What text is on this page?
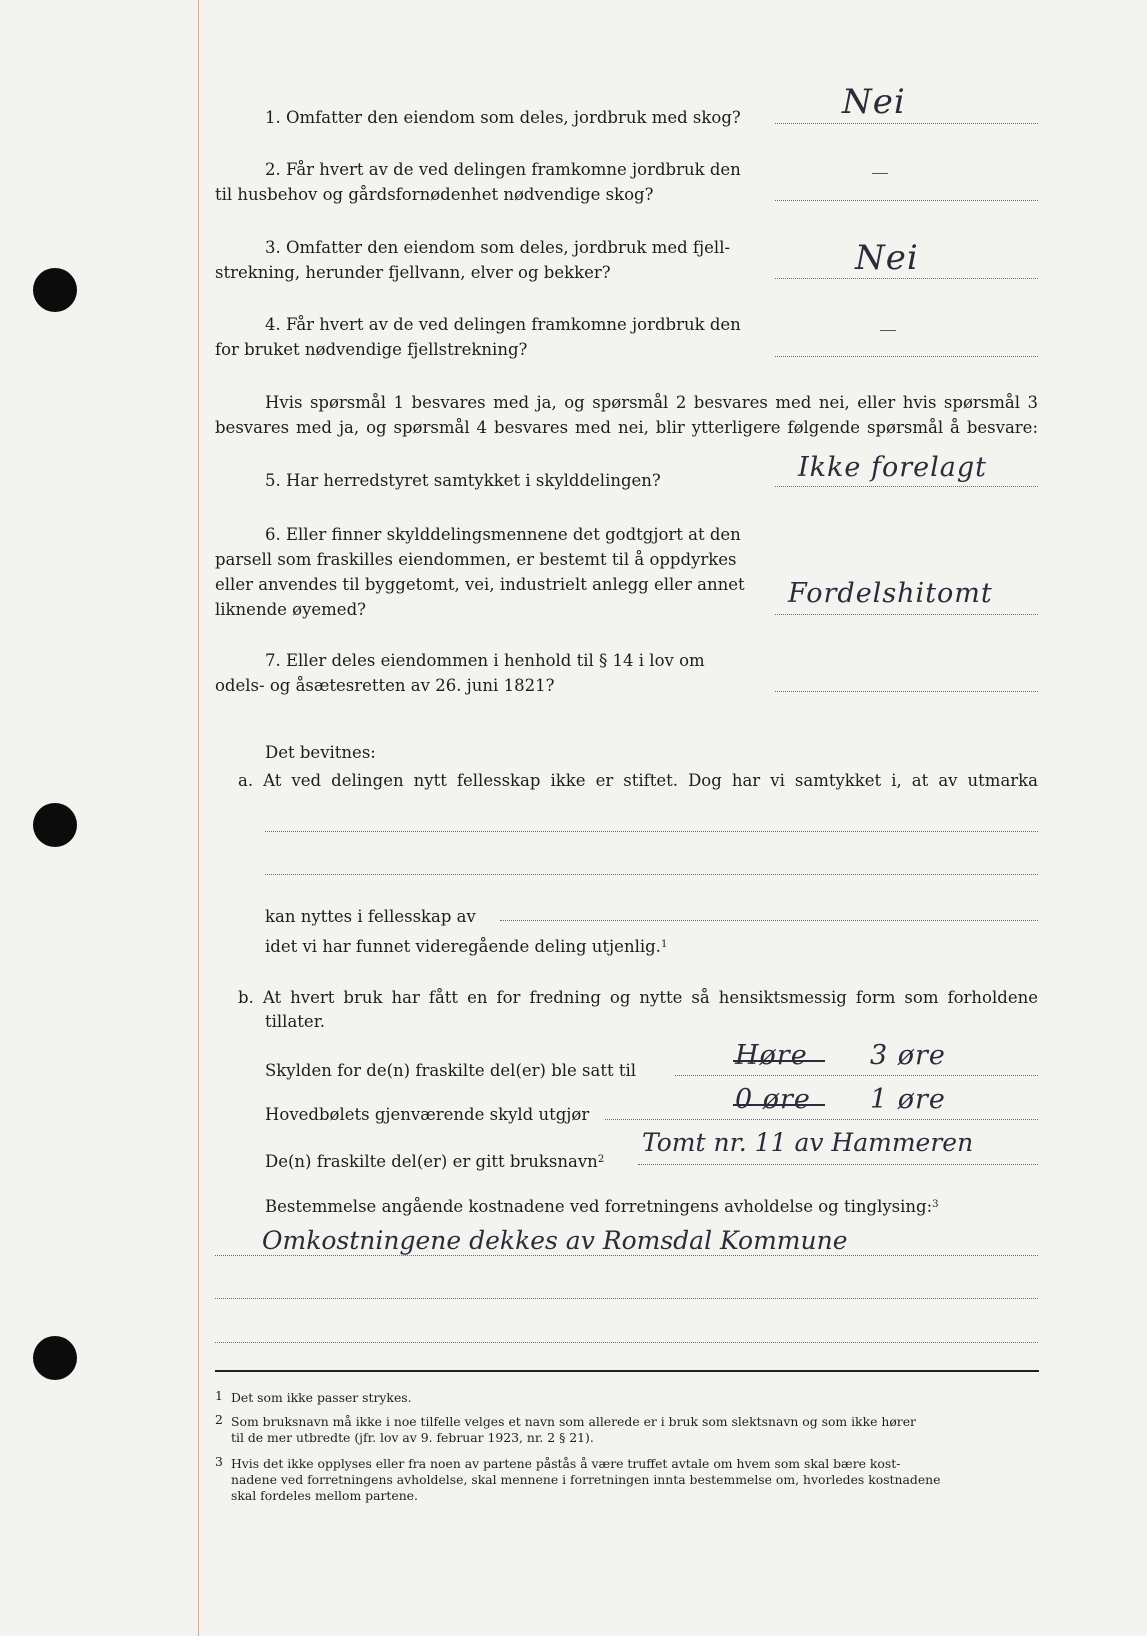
1. Omfatter den eiendom som deles, jordbruk med skog?	Nei
2. Får hvert av de ved delingen framkomne jordbruk den
til husbehov og gårdsfornødenhet nødvendige skog?
3. Omfatter den eiendom som deles, jordbruk med fjell-
strekning, herunder fjellvann, elver og bekker?	Nei
4. Får hvert av de ved delingen framkomne jordbruk den
for bruket nødvendige fjellstrekning?
Hvis spørsmål 1 besvares med ja, og spørsmål 2 besvares med nei, eller hvis spørsmål 3
besvares med ja, og spørsmål 4 besvares med nei, blir ytterligere følgende spørsmål å besvare:
5. Har herredstyret samtykket i skylddelingen?	Ikke forelagt
6. Eller finner skylddelingsmennene det godtgjort at den
parsell som fraskilles eiendommen, er bestemt til å oppdyrkes
eller anvendes til byggetomt, vei, industrielt anlegg eller annet
liknende øyemed?
Fordelshitomt
7. Eller deles eiendommen i henhold til § 14 i lov om
odels- og åsætesretten av 26. juni 1821?
Det bevitnes:
a. At ved delingen nytt fellesskap ikke er stiftet. Dog har vi samtykket i, at av utmarka
kan nyttes i fellesskap av
idet vi har funnet videregående deling utjenlig.$^1$
b. At hvert bruk har fått en for fredning og nytte så hensiktsmessig form som forholdene
tillater.
Skylden for de(n) fraskilte del(er) ble satt til	Høre 3 øre
Hovedbølets gjenværende skyld utgjør	0 øre 1 øre
De(n) fraskilte del(er) er gitt bruksnavn$^2$
Tomt nr. 11 av Hammeren
Bestemmelse angående kostnadene ved forretningens avholdelse og tinglysing:$^3$
Omkostningene dekkes av Romsdal Kommune
1 Det som ikke passer strykes.
2 Som bruksnavn må ikke i noe tilfelle velges et navn som allerede er i bruk som slektsnavn og som ikke hører
til de mer utbredte (jfr. lov av 9. februar 1923, nr. 2 § 21).
3 Hvis det ikke opplyses eller fra noen av partene påstås å være truffet avtale om hvem som skal bære kost-
nadene ved forretningens avholdelse, skal mennene i forretningen innta bestemmelse om, hvorledes kostnadene
skal fordeles mellom partene.
